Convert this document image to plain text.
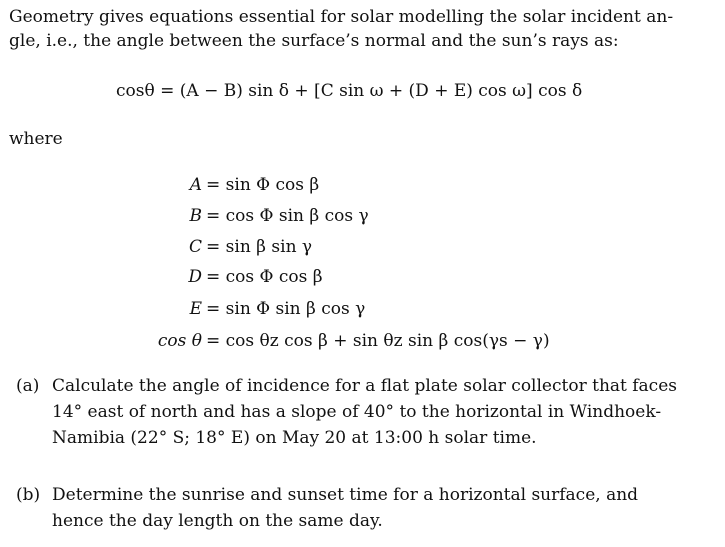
Geometry gives equations essential for solar modelling the solar incident an-
gle, i.e., the angle between the surface’s normal and the sun’s rays as:
cosθ = (A − B) sin δ + [C sin ω + (D + E) cos ω] cos δ
where
A = sin Φ cos β
B = cos Φ sin β cos γ
C = sin β sin γ
D = cos Φ cos β
E = sin Φ sin β cos γ
cos θ = cos θz cos β + sin θz sin β cos(γs − γ)
(a) Calculate the angle of incidence for a flat plate solar collector that faces
14° east of north and has a slope of 40° to the horizontal in Windhoek-
Namibia (22° S; 18° E) on May 20 at 13:00 h solar time.
(b) Determine the sunrise and sunset time for a horizontal surface, and
hence the day length on the same day.
